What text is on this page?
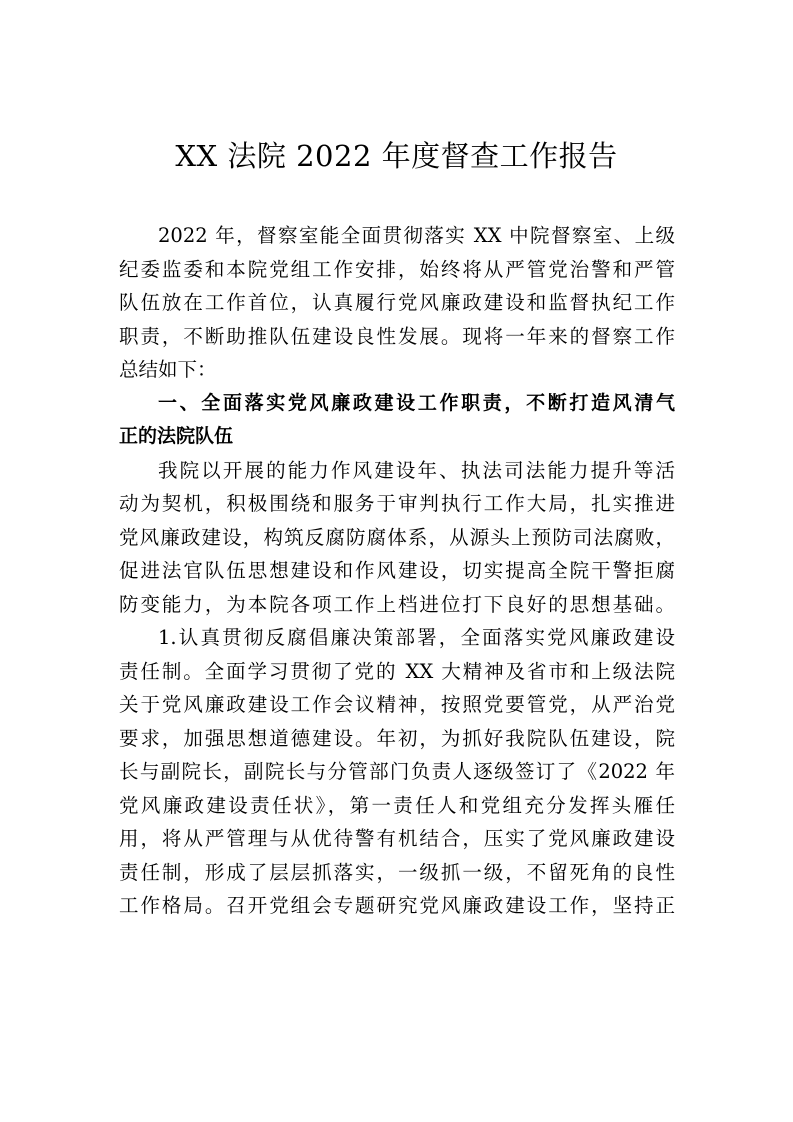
XX 法院 2022 年度督查工作报告
2022 年，督察室能全面贯彻落实 XX 中院督察室、上级
纪委监委和本院党组工作安排，始终将从严管党治警和严管
队伍放在工作首位，认真履行党风廉政建设和监督执纪工作
职责，不断助推队伍建设良性发展。现将一年来的督察工作
总结如下：
一、全面落实党风廉政建设工作职责，不断打造风清气
正的法院队伍
我院以开展的能力作风建设年、执法司法能力提升等活
动为契机，积极围绕和服务于审判执行工作大局，扎实推进
党风廉政建设，构筑反腐防腐体系，从源头上预防司法腐败，
促进法官队伍思想建设和作风建设，切实提高全院干警拒腐
防变能力，为本院各项工作上档进位打下良好的思想基础。
1.认真贯彻反腐倡廉决策部署，全面落实党风廉政建设
责任制。全面学习贯彻了党的 XX 大精神及省市和上级法院
关于党风廉政建设工作会议精神，按照党要管党，从严治党
要求，加强思想道德建设。年初，为抓好我院队伍建设，院
长与副院长，副院长与分管部门负责人逐级签订了《2022 年
党风廉政建设责任状》，第一责任人和党组充分发挥头雁任
用，将从严管理与从优待警有机结合，压实了党风廉政建设
责任制，形成了层层抓落实，一级抓一级，不留死角的良性
工作格局。召开党组会专题研究党风廉政建设工作，坚持正
